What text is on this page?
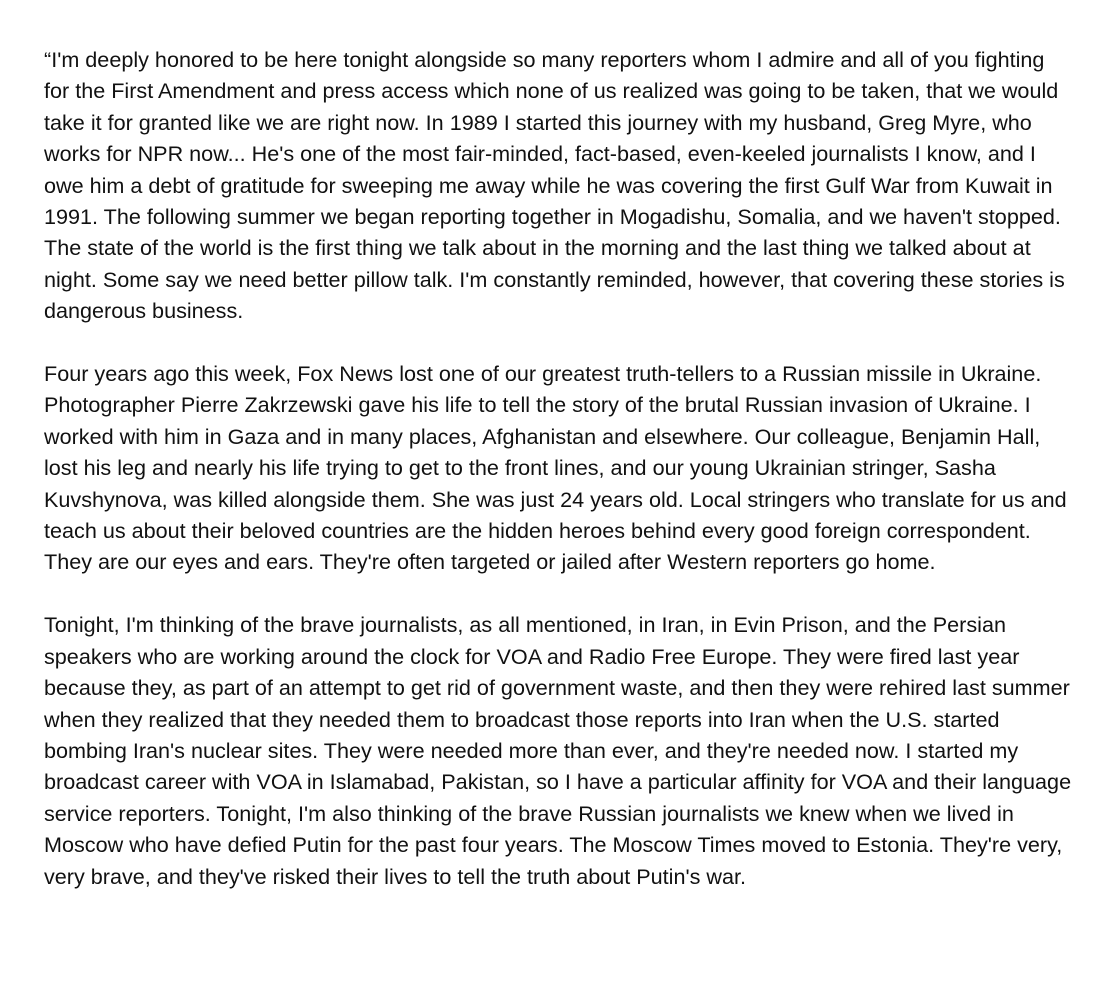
“I'm deeply honored to be here tonight alongside so many reporters whom I admire and all of you fighting for the First Amendment and press access which none of us realized was going to be taken, that we would take it for granted like we are right now. In 1989 I started this journey with my husband, Greg Myre, who works for NPR now... He's one of the most fair-minded, fact-based, even-keeled journalists I know, and I owe him a debt of gratitude for sweeping me away while he was covering the first Gulf War from Kuwait in 1991. The following summer we began reporting together in Mogadishu, Somalia, and we haven't stopped. The state of the world is the first thing we talk about in the morning and the last thing we talked about at night. Some say we need better pillow talk. I'm constantly reminded, however, that covering these stories is dangerous business.

Four years ago this week, Fox News lost one of our greatest truth-tellers to a Russian missile in Ukraine. Photographer Pierre Zakrzewski gave his life to tell the story of the brutal Russian invasion of Ukraine. I worked with him in Gaza and in many places, Afghanistan and elsewhere. Our colleague, Benjamin Hall, lost his leg and nearly his life trying to get to the front lines, and our young Ukrainian stringer, Sasha Kuvshynova, was killed alongside them. She was just 24 years old. Local stringers who translate for us and teach us about their beloved countries are the hidden heroes behind every good foreign correspondent. They are our eyes and ears. They're often targeted or jailed after Western reporters go home.

Tonight, I'm thinking of the brave journalists, as all mentioned, in Iran, in Evin Prison, and the Persian speakers who are working around the clock for VOA and Radio Free Europe. They were fired last year because they, as part of an attempt to get rid of government waste, and then they were rehired last summer when they realized that they needed them to broadcast those reports into Iran when the U.S. started bombing Iran's nuclear sites. They were needed more than ever, and they're needed now. I started my broadcast career with VOA in Islamabad, Pakistan, so I have a particular affinity for VOA and their language service reporters. Tonight, I'm also thinking of the brave Russian journalists we knew when we lived in Moscow who have defied Putin for the past four years. The Moscow Times moved to Estonia. They're very, very brave, and they've risked their lives to tell the truth about Putin's war.
